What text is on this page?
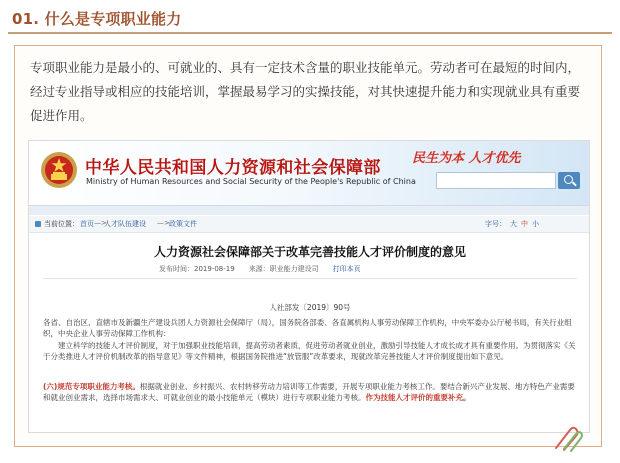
01. 什么是专项职业能力

专项职业能力是最小的、可就业的、具有一定技术含量的职业技能单元。劳动者可在最短的时间内，经过专业指导或相应的技能培训，掌握最易学习的实操技能，对其快速提升能力和实现就业具有重要促进作用。

中华人民共和国人力资源和社会保障部
Ministry of Human Resources and Social Security of the People's Republic of China
民生为本 人才优先
当前位置： 首页 —>
人才队伍建设 —> 政策文件	字号： 大 中 小
人力资源社会保障部关于改革完善技能人才评价制度的意见
发布时间：2019-08-19 来源：职业能力建设司 打印本页
人社部发〔2019〕90号
各省、自治区、直辖市及新疆生产建设兵团人力资源社会保障厅（局），国务院各部委、各直属机构人事劳动保障工作机构，中央军委办公厅秘书局，有关行业组织，中央企业人事劳动保障工作机构：
建立科学的技能人才评价制度，对于加强职业技能培训，提高劳动者素质，促进劳动者就业创业，激励引导技能人才成长成才具有重要作用。为贯彻落实《关于分类推进人才评价机制改革的指导意见》等文件精神，根据国务院推进“放管服”改革要求，现就改革完善技能人才评价制度提出如下意见。
(六)规范专项职业能力考核。根据就业创业、乡村振兴、农村转移劳动力培训等工作需要，开展专项职业能力考核工作。要结合新兴产业发展、地方特色产业需要和就业创业需求，选择市场需求大、可就业创业的最小技能单元（模块）进行专项职业能力考核。作为技能人才评价的重要补充。
